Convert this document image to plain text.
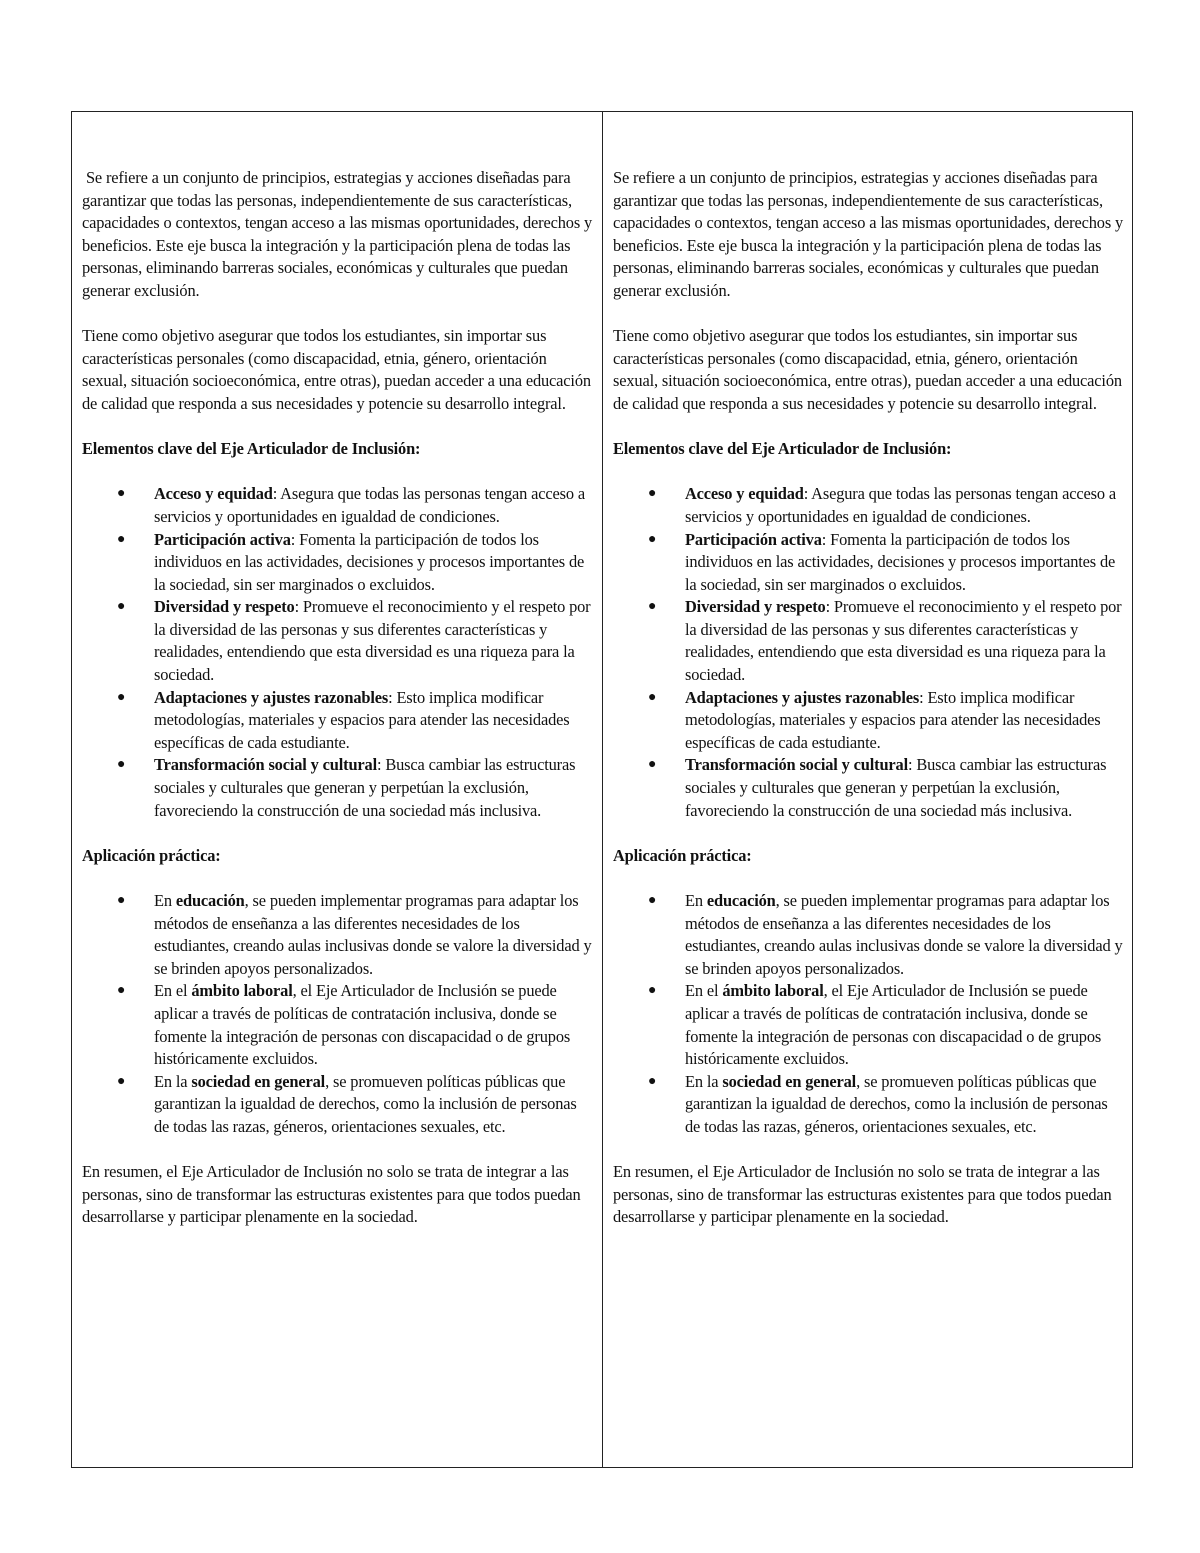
Se refiere a un conjunto de principios, estrategias y acciones diseñadas para garantizar que todas las personas, independientemente de sus características, capacidades o contextos, tengan acceso a las mismas oportunidades, derechos y beneficios. Este eje busca la integración y la participación plena de todas las personas, eliminando barreras sociales, económicas y culturales que puedan generar exclusión.

Tiene como objetivo asegurar que todos los estudiantes, sin importar sus características personales (como discapacidad, etnia, género, orientación sexual, situación socioeconómica, entre otras), puedan acceder a una educación de calidad que responda a sus necesidades y potencie su desarrollo integral.

Elementos clave del Eje Articulador de Inclusión:

● Acceso y equidad: Asegura que todas las personas tengan acceso a servicios y oportunidades en igualdad de condiciones.
● Participación activa: Fomenta la participación de todos los individuos en las actividades, decisiones y procesos importantes de la sociedad, sin ser marginados o excluidos.
● Diversidad y respeto: Promueve el reconocimiento y el respeto por la diversidad de las personas y sus diferentes características y realidades, entendiendo que esta diversidad es una riqueza para la sociedad.
● Adaptaciones y ajustes razonables: Esto implica modificar metodologías, materiales y espacios para atender las necesidades específicas de cada estudiante.
● Transformación social y cultural: Busca cambiar las estructuras sociales y culturales que generan y perpetúan la exclusión, favoreciendo la construcción de una sociedad más inclusiva.

Aplicación práctica:

● En educación, se pueden implementar programas para adaptar los métodos de enseñanza a las diferentes necesidades de los estudiantes, creando aulas inclusivas donde se valore la diversidad y se brinden apoyos personalizados.
● En el ámbito laboral, el Eje Articulador de Inclusión se puede aplicar a través de políticas de contratación inclusiva, donde se fomente la integración de personas con discapacidad o de grupos históricamente excluidos.
● En la sociedad en general, se promueven políticas públicas que garantizan la igualdad de derechos, como la inclusión de personas de todas las razas, géneros, orientaciones sexuales, etc.

En resumen, el Eje Articulador de Inclusión no solo se trata de integrar a las personas, sino de transformar las estructuras existentes para que todos puedan desarrollarse y participar plenamente en la sociedad.

Se refiere a un conjunto de principios, estrategias y acciones diseñadas para garantizar que todas las personas, independientemente de sus características, capacidades o contextos, tengan acceso a las mismas oportunidades, derechos y beneficios. Este eje busca la integración y la participación plena de todas las personas, eliminando barreras sociales, económicas y culturales que puedan generar exclusión.

Tiene como objetivo asegurar que todos los estudiantes, sin importar sus características personales (como discapacidad, etnia, género, orientación sexual, situación socioeconómica, entre otras), puedan acceder a una educación de calidad que responda a sus necesidades y potencie su desarrollo integral.

Elementos clave del Eje Articulador de Inclusión:

● Acceso y equidad: Asegura que todas las personas tengan acceso a servicios y oportunidades en igualdad de condiciones.
● Participación activa: Fomenta la participación de todos los individuos en las actividades, decisiones y procesos importantes de la sociedad, sin ser marginados o excluidos.
● Diversidad y respeto: Promueve el reconocimiento y el respeto por la diversidad de las personas y sus diferentes características y realidades, entendiendo que esta diversidad es una riqueza para la sociedad.
● Adaptaciones y ajustes razonables: Esto implica modificar metodologías, materiales y espacios para atender las necesidades específicas de cada estudiante.
● Transformación social y cultural: Busca cambiar las estructuras sociales y culturales que generan y perpetúan la exclusión, favoreciendo la construcción de una sociedad más inclusiva.

Aplicación práctica:

● En educación, se pueden implementar programas para adaptar los métodos de enseñanza a las diferentes necesidades de los estudiantes, creando aulas inclusivas donde se valore la diversidad y se brinden apoyos personalizados.
● En el ámbito laboral, el Eje Articulador de Inclusión se puede aplicar a través de políticas de contratación inclusiva, donde se fomente la integración de personas con discapacidad o de grupos históricamente excluidos.
● En la sociedad en general, se promueven políticas públicas que garantizan la igualdad de derechos, como la inclusión de personas de todas las razas, géneros, orientaciones sexuales, etc.

En resumen, el Eje Articulador de Inclusión no solo se trata de integrar a las personas, sino de transformar las estructuras existentes para que todos puedan desarrollarse y participar plenamente en la sociedad.
